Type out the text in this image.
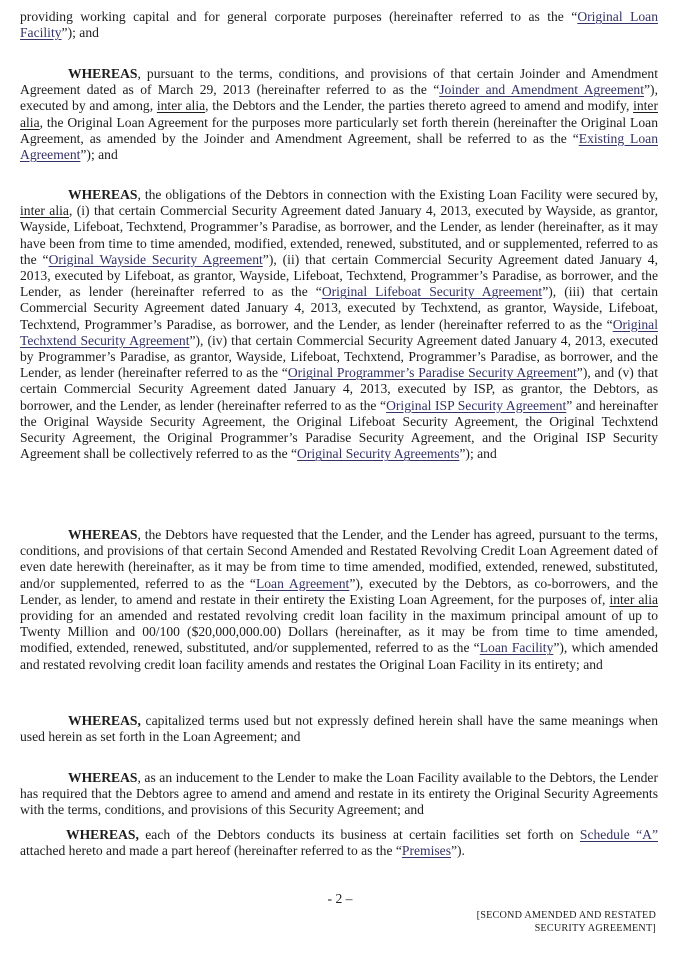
providing working capital and for general corporate purposes (hereinafter referred to as the “Original Loan Facility”); and

WHEREAS, pursuant to the terms, conditions, and provisions of that certain Joinder and Amendment Agreement dated as of March 29, 2013 (hereinafter referred to as the “Joinder and Amendment Agreement”), executed by and among, inter alia, the Debtors and the Lender, the parties thereto agreed to amend and modify, inter alia, the Original Loan Agreement for the purposes more particularly set forth therein (hereinafter the Original Loan Agreement, as amended by the Joinder and Amendment Agreement, shall be referred to as the “Existing Loan Agreement”); and

WHEREAS, the obligations of the Debtors in connection with the Existing Loan Facility were secured by, inter alia, (i) that certain Commercial Security Agreement dated January 4, 2013, executed by Wayside, as grantor, Wayside, Lifeboat, Techxtend, Programmer’s Paradise, as borrower, and the Lender, as lender (hereinafter, as it may have been from time to time amended, modified, extended, renewed, substituted, and or supplemented, referred to as the “Original Wayside Security Agreement”), (ii) that certain Commercial Security Agreement dated January 4, 2013, executed by Lifeboat, as grantor, Wayside, Lifeboat, Techxtend, Programmer’s Paradise, as borrower, and the Lender, as lender (hereinafter referred to as the “Original Lifeboat Security Agreement”), (iii) that certain Commercial Security Agreement dated January 4, 2013, executed by Techxtend, as grantor, Wayside, Lifeboat, Techxtend, Programmer’s Paradise, as borrower, and the Lender, as lender (hereinafter referred to as the “Original Techxtend Security Agreement”), (iv) that certain Commercial Security Agreement dated January 4, 2013, executed by Programmer’s Paradise, as grantor, Wayside, Lifeboat, Techxtend, Programmer’s Paradise, as borrower, and the Lender, as lender (hereinafter referred to as the “Original Programmer’s Paradise Security Agreement”), and (v) that certain Commercial Security Agreement dated January 4, 2013, executed by ISP, as grantor, the Debtors, as borrower, and the Lender, as lender (hereinafter referred to as the “Original ISP Security Agreement” and hereinafter the Original Wayside Security Agreement, the Original Lifeboat Security Agreement, the Original Techxtend Security Agreement, the Original Programmer’s Paradise Security Agreement, and the Original ISP Security Agreement shall be collectively referred to as the “Original Security Agreements”); and

WHEREAS, the Debtors have requested that the Lender, and the Lender has agreed, pursuant to the terms, conditions, and provisions of that certain Second Amended and Restated Revolving Credit Loan Agreement dated of even date herewith (hereinafter, as it may be from time to time amended, modified, extended, renewed, substituted, and/or supplemented, referred to as the “Loan Agreement”), executed by the Debtors, as co-borrowers, and the Lender, as lender, to amend and restate in their entirety the Existing Loan Agreement, for the purposes of, inter alia providing for an amended and restated revolving credit loan facility in the maximum principal amount of up to Twenty Million and 00/100 ($20,000,000.00) Dollars (hereinafter, as it may be from time to time amended, modified, extended, renewed, substituted, and/or supplemented, referred to as the “Loan Facility”), which amended and restated revolving credit loan facility amends and restates the Original Loan Facility in its entirety; and

WHEREAS, capitalized terms used but not expressly defined herein shall have the same meanings when used herein as set forth in the Loan Agreement; and

WHEREAS, as an inducement to the Lender to make the Loan Facility available to the Debtors, the Lender has required that the Debtors agree to amend and amend and restate in its entirety the Original Security Agreements with the terms, conditions, and provisions of this Security Agreement; and

WHEREAS, each of the Debtors conducts its business at certain facilities set forth on Schedule “A” attached hereto and made a part hereof (hereinafter referred to as the “Premises”).

- 2 –
[SECOND AMENDED AND RESTATED
SECURITY AGREEMENT]
